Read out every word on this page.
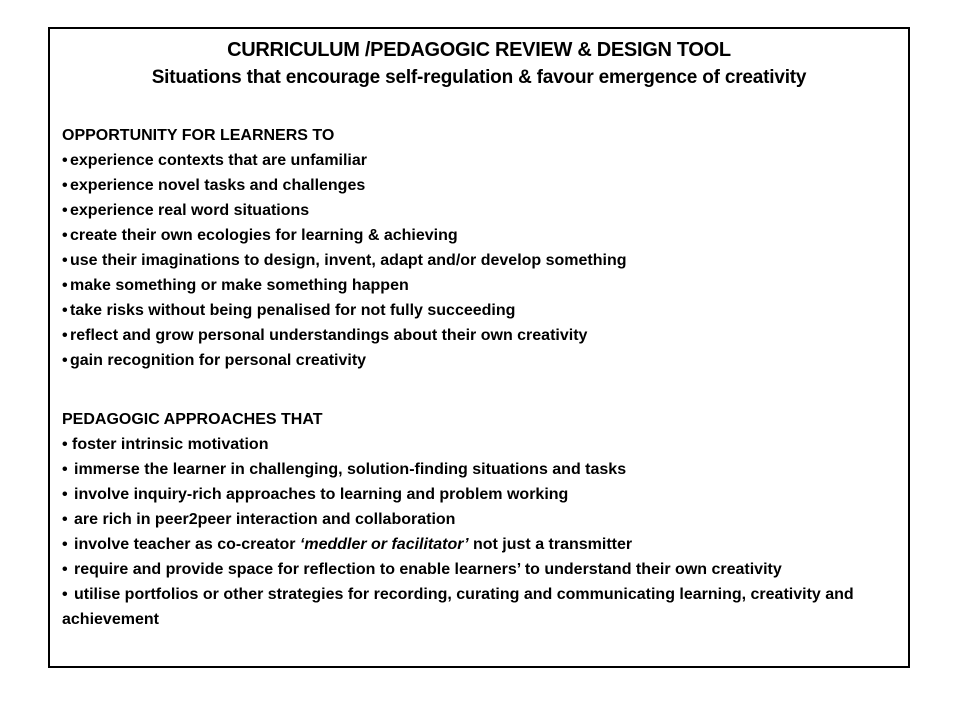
CURRICULUM /PEDAGOGIC REVIEW & DESIGN TOOL
Situations that encourage self-regulation & favour emergence of creativity
OPPORTUNITY FOR LEARNERS TO
• experience contexts that are unfamiliar
• experience novel tasks and challenges
• experience real word situations
• create their own ecologies for learning & achieving
• use their imaginations to design, invent, adapt and/or develop something
• make something or make something happen
• take risks without being penalised for not fully succeeding
• reflect and grow personal understandings about their own creativity
• gain recognition for personal creativity
PEDAGOGIC APPROACHES THAT
• foster intrinsic motivation
• immerse the learner in challenging, solution-finding situations and tasks
• involve inquiry-rich approaches to learning and problem working
• are rich in peer2peer interaction and collaboration
• involve teacher as co-creator ‘meddler or facilitator’ not just a transmitter
• require and provide space for reflection to enable learners’ to understand their own creativity
• utilise portfolios or other strategies for recording, curating and communicating learning, creativity and achievement
